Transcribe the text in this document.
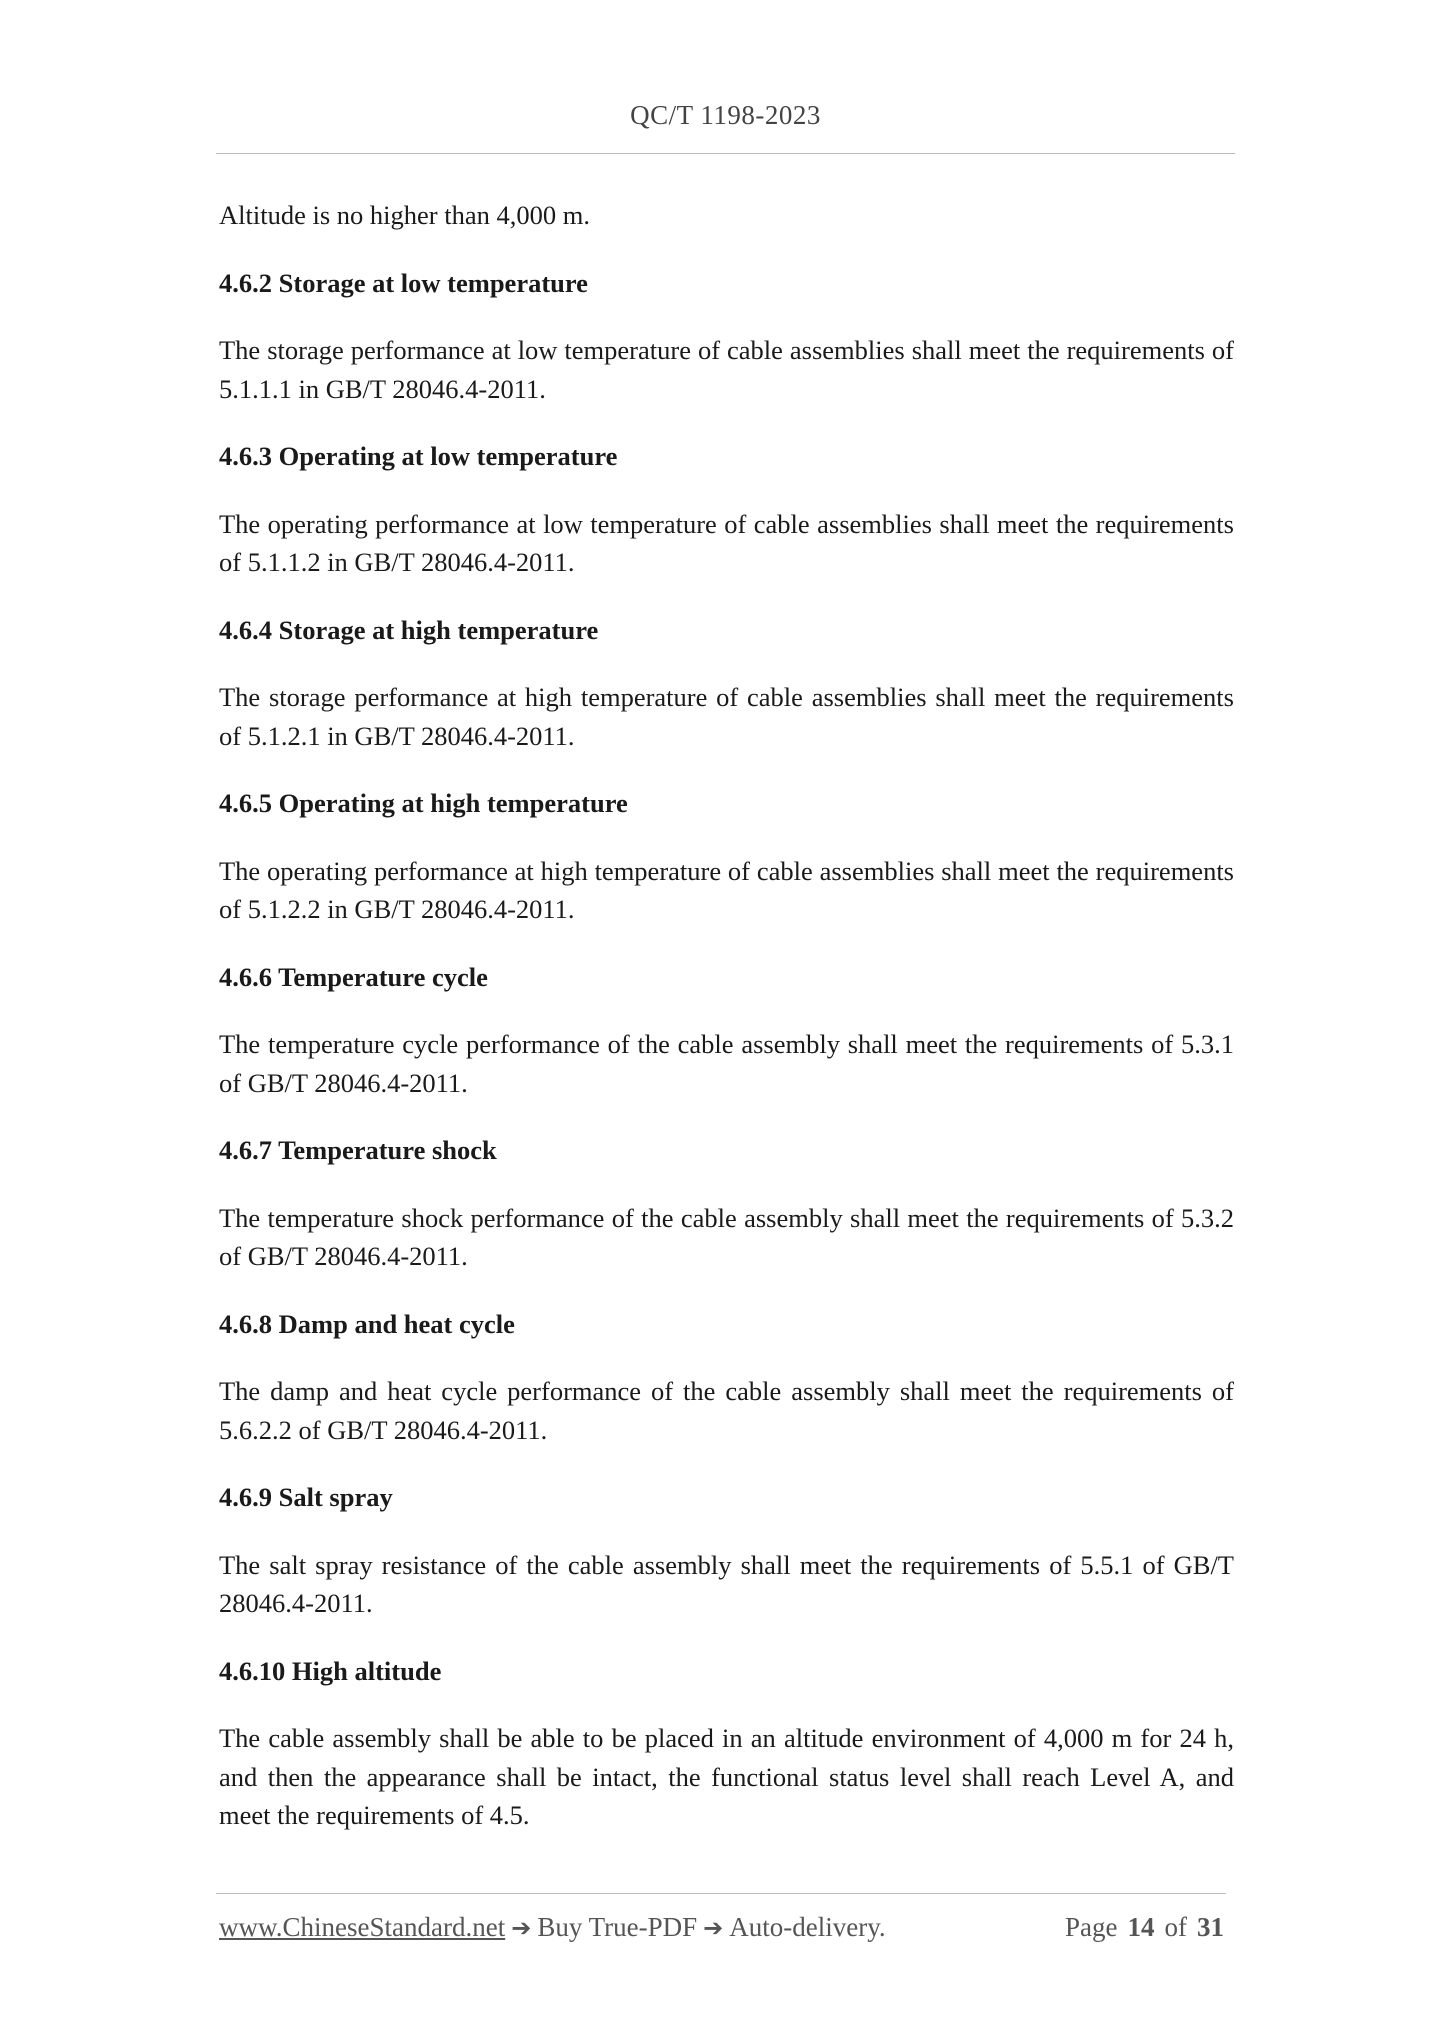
QC/T 1198-2023

Altitude is no higher than 4,000 m.

4.6.2 Storage at low temperature

The storage performance at low temperature of cable assemblies shall meet the requirements of 5.1.1.1 in GB/T 28046.4-2011.

4.6.3 Operating at low temperature

The operating performance at low temperature of cable assemblies shall meet the requirements of 5.1.1.2 in GB/T 28046.4-2011.

4.6.4 Storage at high temperature

The storage performance at high temperature of cable assemblies shall meet the requirements of 5.1.2.1 in GB/T 28046.4-2011.

4.6.5 Operating at high temperature

The operating performance at high temperature of cable assemblies shall meet the requirements of 5.1.2.2 in GB/T 28046.4-2011.

4.6.6 Temperature cycle

The temperature cycle performance of the cable assembly shall meet the requirements of 5.3.1 of GB/T 28046.4-2011.

4.6.7 Temperature shock

The temperature shock performance of the cable assembly shall meet the requirements of 5.3.2 of GB/T 28046.4-2011.

4.6.8 Damp and heat cycle

The damp and heat cycle performance of the cable assembly shall meet the requirements of 5.6.2.2 of GB/T 28046.4-2011.

4.6.9 Salt spray

The salt spray resistance of the cable assembly shall meet the requirements of 5.5.1 of GB/T 28046.4-2011.

4.6.10 High altitude

The cable assembly shall be able to be placed in an altitude environment of 4,000 m for 24 h, and then the appearance shall be intact, the functional status level shall reach Level A, and meet the requirements of 4.5.

www.ChineseStandard.net ➔ Buy True-PDF ➔ Auto-delivery.	Page 14 of 31
